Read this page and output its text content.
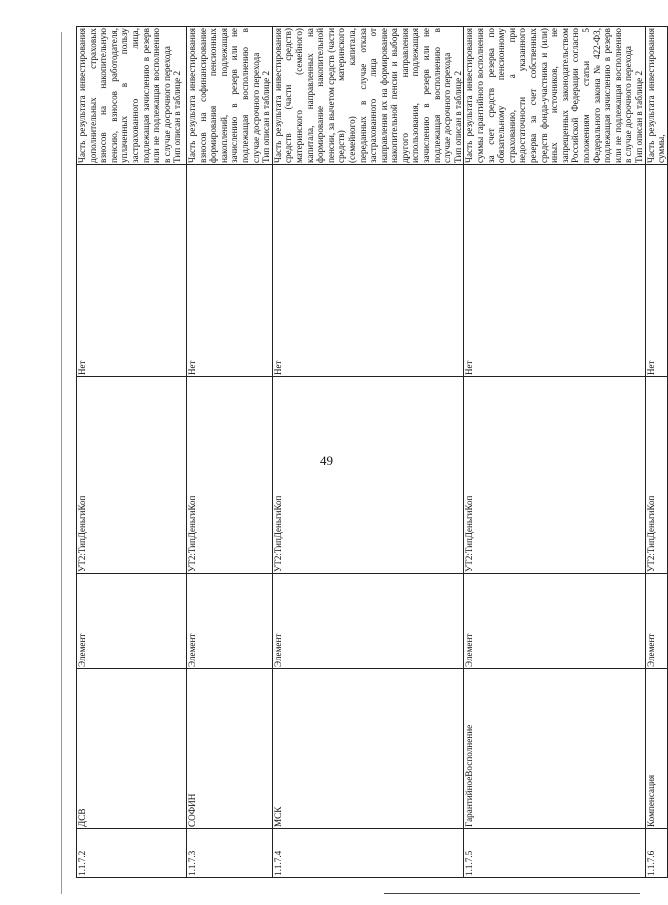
49
1.1.7.2	ДСВ	Элемент	УТ2:ТипДеньгиКоп	Нет	Часть результата инвестирования дополнительных страховых взносов на накопительную пенсию, взносов работодателя, уплаченных в пользу застрахованного лица, подлежащая зачислению в резерв или не подлежащая восполнению в случае досрочного перехода Тип описан в таблице 2

1.1.7.3	СОФИН	Элемент	УТ2:ТипДеньгиКоп	Нет	Часть результата инвестирования взносов на софинансирование формирования пенсионных накоплений, подлежащая зачислению в резерв или не подлежащая восполнению в случае досрочного перехода Тип описан в таблице 2

1.1.7.4	МСК	Элемент	УТ2:ТипДеньгиКоп	Нет	Часть результата инвестирования средств (части средств) материнского (семейного) капитала, направленных на формирование накопительной пенсии, за вычетом средств (части средств) материнского (семейного) капитала, переданных в случае отказа застрахованного лица от направления их на формирование накопительной пенсии и выбора другого направления использования, подлежащая зачислению в резерв или не подлежащая восполнению в случае досрочного перехода Тип описан в таблице 2

1.1.7.5	ГарантийноеВосполнение	Элемент	УТ2:ТипДеньгиКоп	Нет	Часть результата инвестирования суммы гарантийного восполнения за счет средств резерва по обязательному пенсионному страхованию, а при недостаточности указанного резерва за счет собственных средств фонда-участника и (или) иных источников, не запрещенных законодательством Российской Федерации согласно положениям статьи 5 Федерального закона № 422-ФЗ, подлежащая зачислению в резерв или не подлежащая восполнению в случае досрочного перехода Тип описан в таблице 2

1.1.7.6	Компенсация	Элемент	УТ2:ТипДеньгиКоп	Нет	Часть результата инвестирования суммы,
